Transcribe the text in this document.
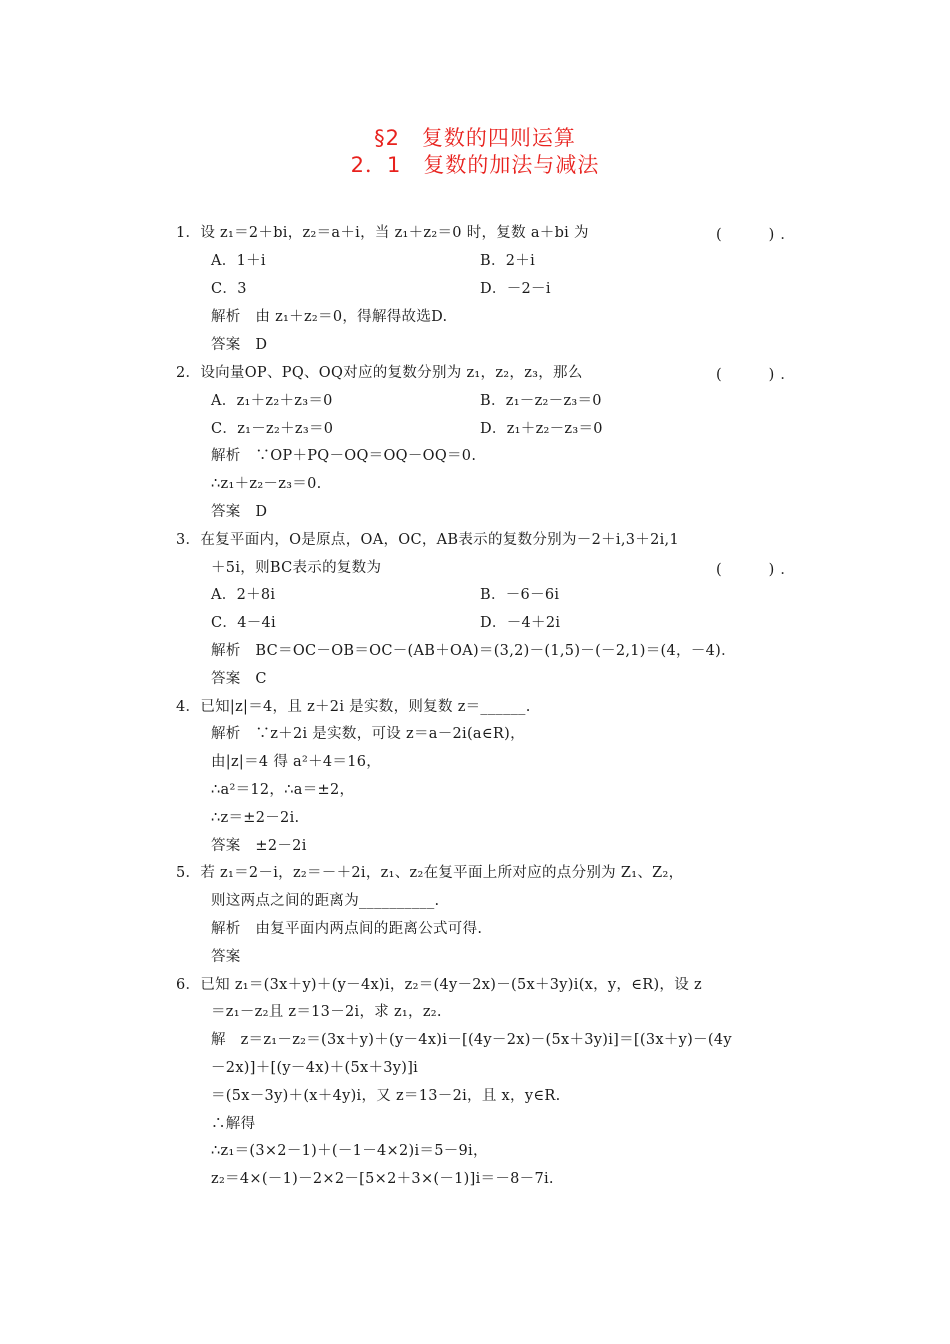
§2　复数的四则运算
2．1　复数的加法与减法
1．设 z₁＝2＋bi，z₂＝a＋i，当 z₁＋z₂＝0 时，复数 a＋bi 为	(　　)．
A．1＋i	B．2＋i
C．3	D．－2－i
解析　由 z₁＋z₂＝0，得解得故选D.
答案　D
2．设向量OP、PQ、OQ对应的复数分别为 z₁，z₂，z₃，那么	(　　)．
A．z₁＋z₂＋z₃＝0	B．z₁－z₂－z₃＝0
C．z₁－z₂＋z₃＝0	D．z₁＋z₂－z₃＝0
解析　∵OP＋PQ－OQ＝OQ－OQ＝0.
∴z₁＋z₂－z₃＝0.
答案　D
3．在复平面内，O是原点，OA，OC，AB表示的复数分别为－2＋i,3＋2i,1
＋5i，则BC表示的复数为	(　　)．
A．2＋8i	B．－6－6i
C．4－4i	D．－4＋2i
解析　BC＝OC－OB＝OC－(AB＋OA)＝(3,2)－(1,5)－(－2,1)＝(4，－4)．
答案　C
4．已知|z|＝4，且 z＋2i 是实数，则复数 z＝______.
解析　∵z＋2i 是实数，可设 z＝a－2i(a∈R)，
由|z|＝4 得 a²＋4＝16，
∴a²＝12，∴a＝±2，
∴z＝±2－2i.
答案　±2－2i
5．若 z₁＝2－i，z₂＝－＋2i，z₁、z₂在复平面上所对应的点分别为 Z₁、Z₂，
则这两点之间的距离为__________.
解析　由复平面内两点间的距离公式可得.
答案
6．已知 z₁＝(3x＋y)＋(y－4x)i，z₂＝(4y－2x)－(5x＋3y)i(x，y，∈R)，设 z
＝z₁－z₂且 z＝13－2i，求 z₁，z₂.
解　z＝z₁－z₂＝(3x＋y)＋(y－4x)i－[(4y－2x)－(5x＋3y)i]＝[(3x＋y)－(4y
－2x)]＋[(y－4x)＋(5x＋3y)]i
＝(5x－3y)＋(x＋4y)i，又 z＝13－2i，且 x，y∈R.
∴解得
∴z₁＝(3×2－1)＋(－1－4×2)i＝5－9i，
z₂＝4×(－1)－2×2－[5×2＋3×(－1)]i＝－8－7i.
